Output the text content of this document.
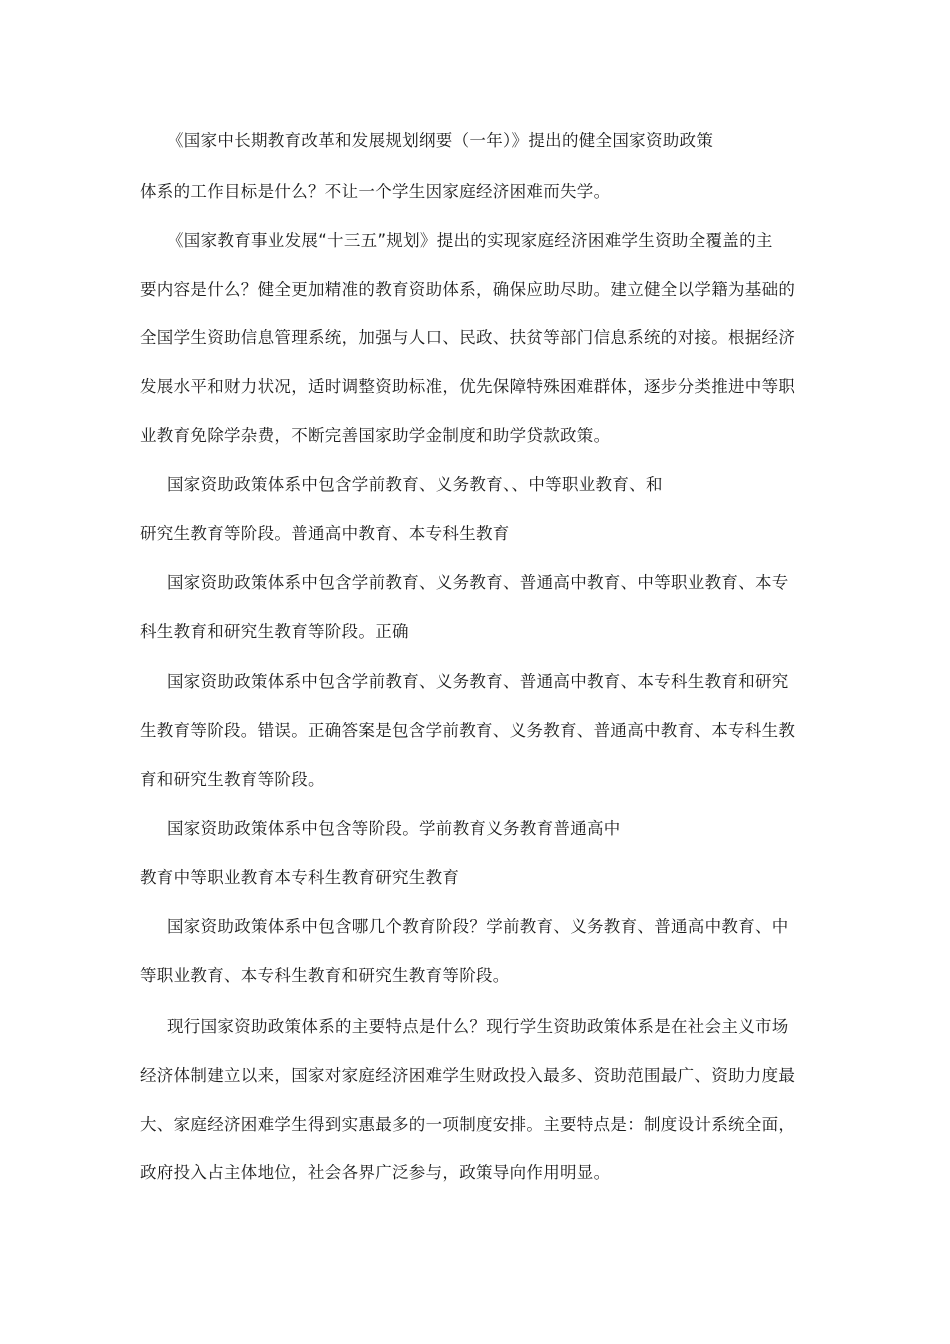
《国家中长期教育改革和发展规划纲要（一年）》提出的健全国家资助政策
体系的工作目标是什么？不让一个学生因家庭经济困难而失学。
《国家教育事业发展“十三五”规划》提出的实现家庭经济困难学生资助全覆盖的主
要内容是什么？健全更加精准的教育资助体系，确保应助尽助。建立健全以学籍为基础的
全国学生资助信息管理系统，加强与人口、民政、扶贫等部门信息系统的对接。根据经济
发展水平和财力状况，适时调整资助标准，优先保障特殊困难群体，逐步分类推进中等职
业教育免除学杂费，不断完善国家助学金制度和助学贷款政策。
国家资助政策体系中包含学前教育、义务教育、、中等职业教育、和
研究生教育等阶段。普通高中教育、本专科生教育
国家资助政策体系中包含学前教育、义务教育、普通高中教育、中等职业教育、本专
科生教育和研究生教育等阶段。正确
国家资助政策体系中包含学前教育、义务教育、普通高中教育、本专科生教育和研究
生教育等阶段。错误。正确答案是包含学前教育、义务教育、普通高中教育、本专科生教
育和研究生教育等阶段。
国家资助政策体系中包含等阶段。学前教育义务教育普通高中
教育中等职业教育本专科生教育研究生教育
国家资助政策体系中包含哪几个教育阶段？学前教育、义务教育、普通高中教育、中
等职业教育、本专科生教育和研究生教育等阶段。
现行国家资助政策体系的主要特点是什么？现行学生资助政策体系是在社会主义市场
经济体制建立以来，国家对家庭经济困难学生财政投入最多、资助范围最广、资助力度最
大、家庭经济困难学生得到实惠最多的一项制度安排。主要特点是：制度设计系统全面，
政府投入占主体地位，社会各界广泛参与，政策导向作用明显。
